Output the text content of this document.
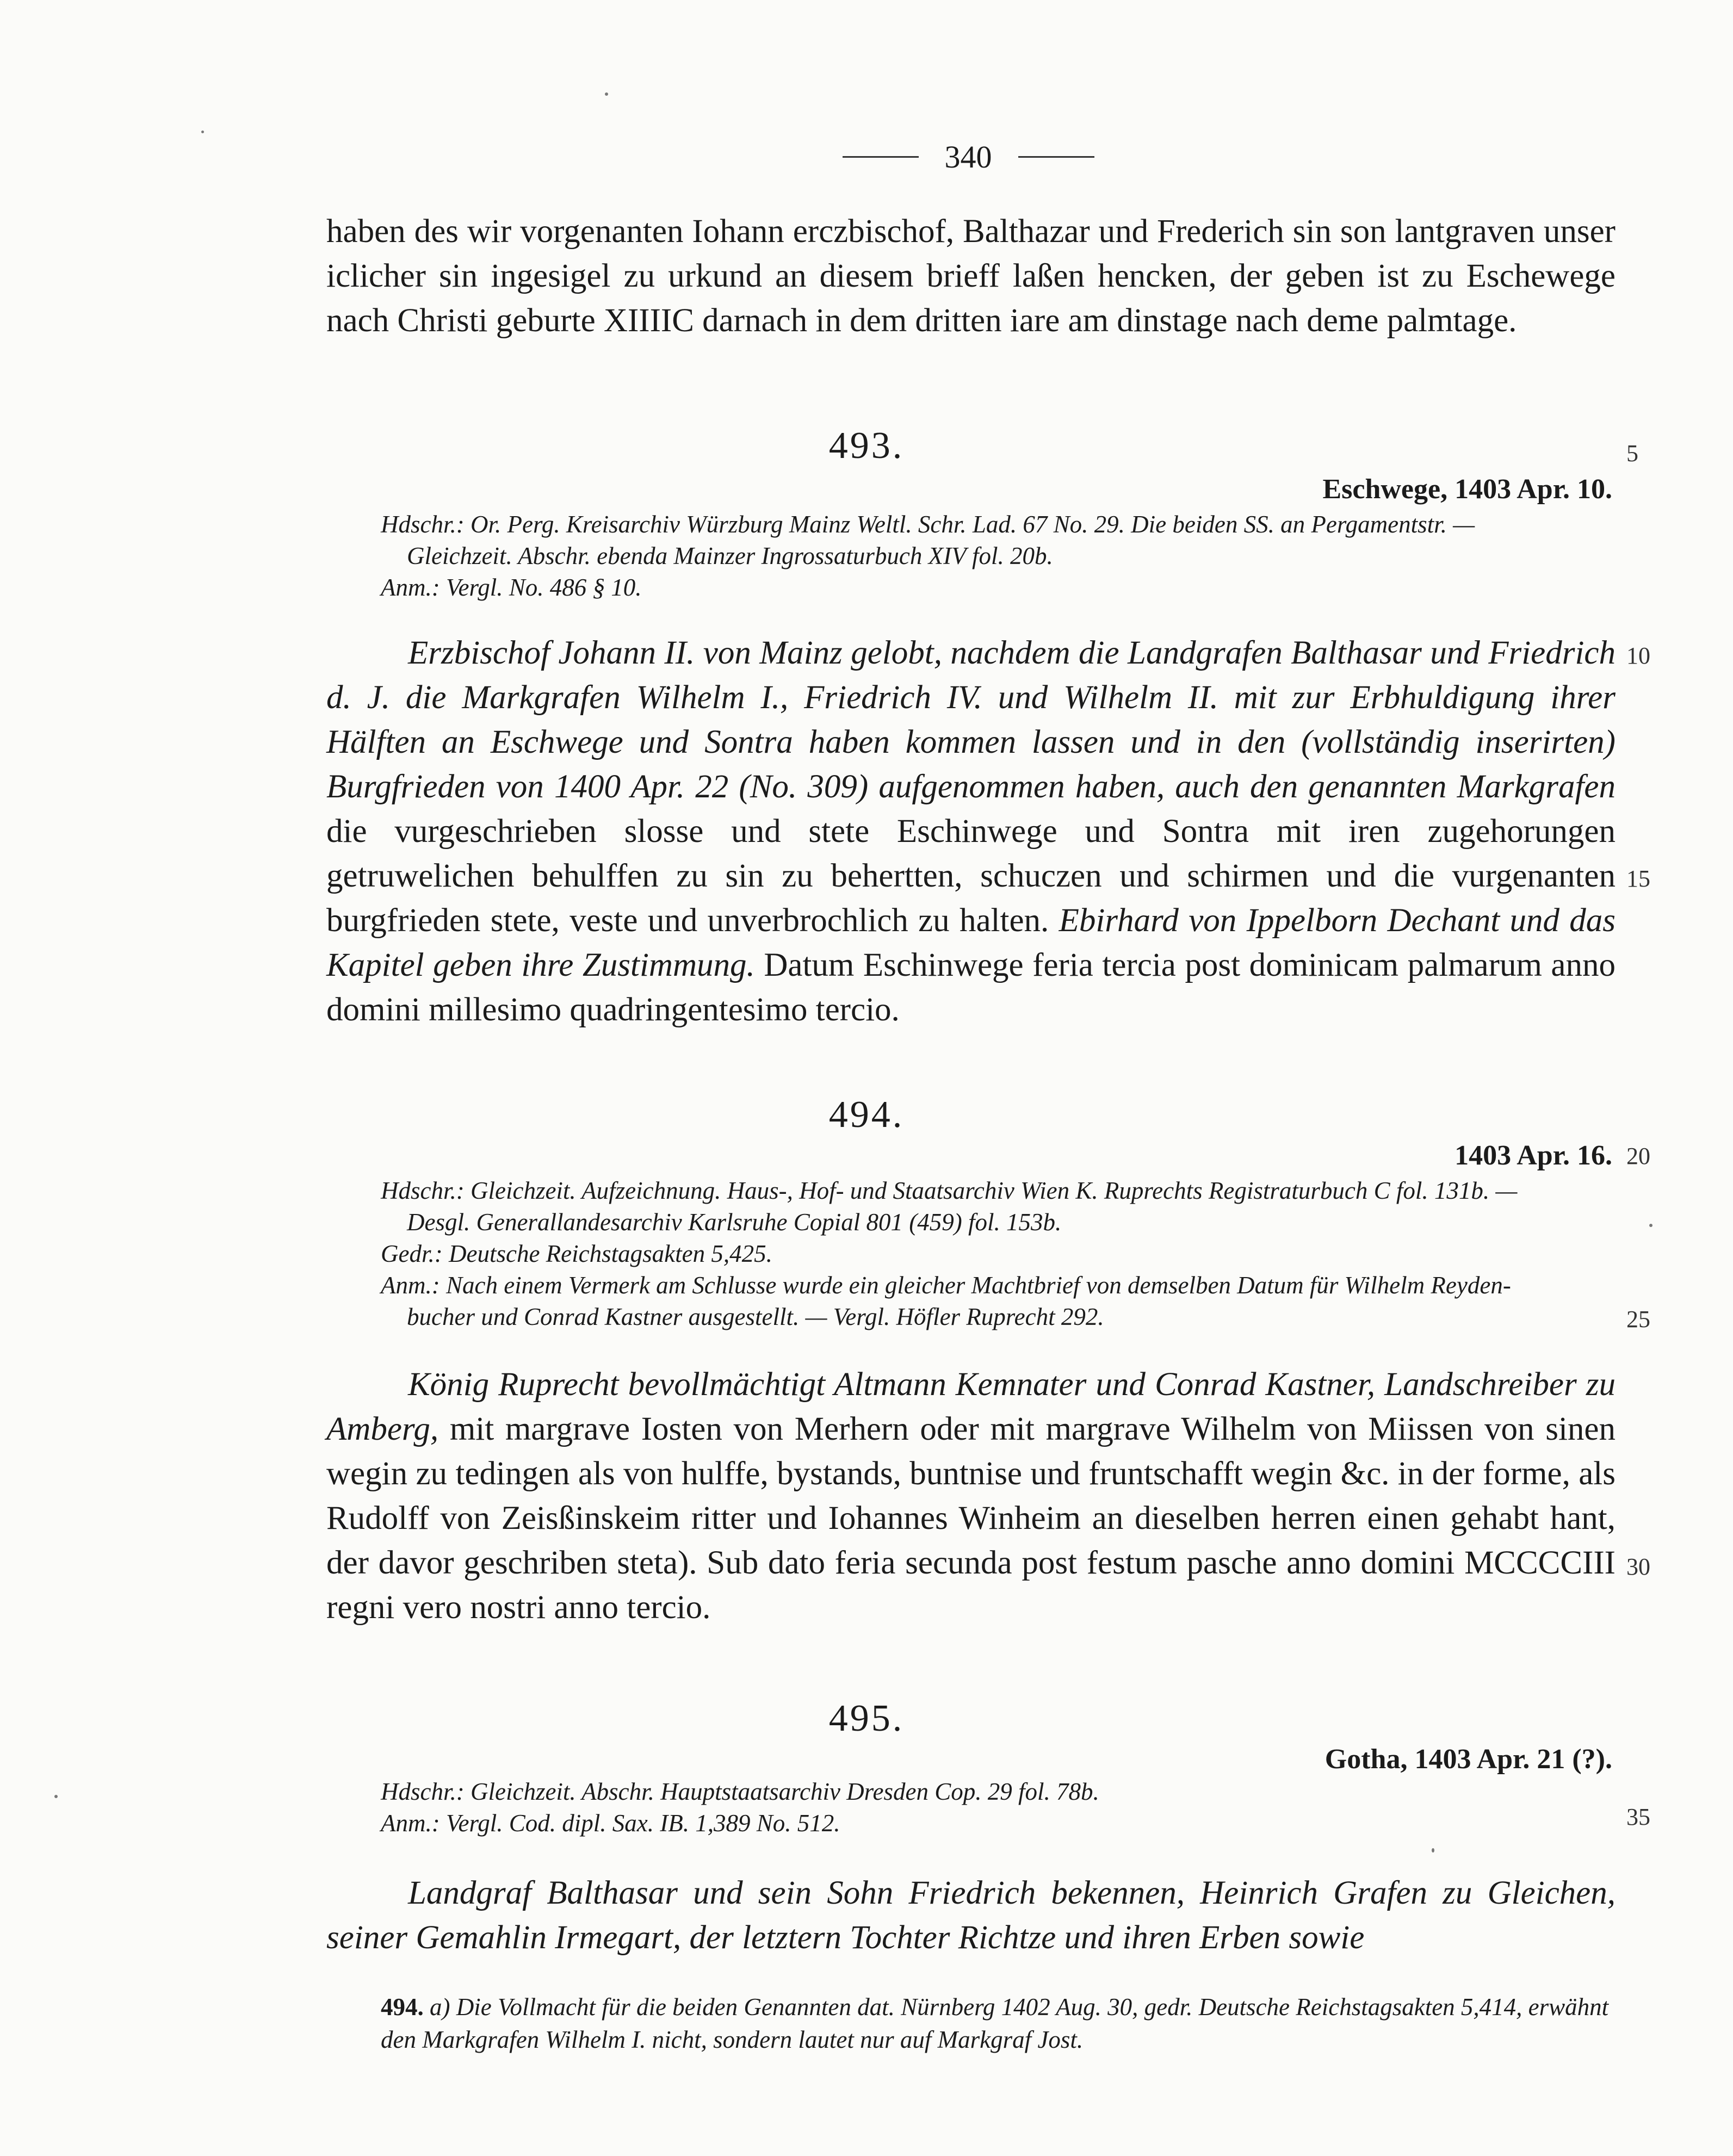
340
haben des wir vorgenanten Iohann erczbischof, Balthazar und Frederich sin son lantgraven unser iclicher sin ingesigel zu urkund an diesem brieff laßen hencken, der geben ist zu Eschewege nach Christi geburte XIIIIC darnach in dem dritten iare am dinstage nach deme palmtage.
493.
Eschwege, 1403 Apr. 10.
Hdschr.: Or. Perg. Kreisarchiv Würzburg Mainz Weltl. Schr. Lad. 67 No. 29. Die beiden SS. an Pergamentstr. —
Gleichzeit. Abschr. ebenda Mainzer Ingrossaturbuch XIV fol. 20b.
Anm.: Vergl. No. 486 § 10.
Erzbischof Johann II. von Mainz gelobt, nachdem die Landgrafen Balthasar und Friedrich d. J. die Markgrafen Wilhelm I., Friedrich IV. und Wilhelm II. mit zur Erbhuldigung ihrer Hälften an Eschwege und Sontra haben kommen lassen und in den (vollständig inserirten) Burgfrieden von 1400 Apr. 22 (No. 309) aufgenommen haben, auch den genannten Markgrafen die vurgeschrieben slosse und stete Eschinwege und Sontra mit iren zugehorungen getruwelichen behulffen zu sin zu behertten, schuczen und schirmen und die vurgenanten burgfrieden stete, veste und unverbrochlich zu halten. Ebirhard von Ippelborn Dechant und das Kapitel geben ihre Zustimmung. Datum Eschinwege feria tercia post dominicam palmarum anno domini millesimo quadringentesimo tercio.
494.
1403 Apr. 16.
Hdschr.: Gleichzeit. Aufzeichnung. Haus-, Hof- und Staatsarchiv Wien K. Ruprechts Registraturbuch C fol. 131b. —
Desgl. Generallandesarchiv Karlsruhe Copial 801 (459) fol. 153b.
Gedr.: Deutsche Reichstagsakten 5,425.
Anm.: Nach einem Vermerk am Schlusse wurde ein gleicher Machtbrief von demselben Datum für Wilhelm Reyden-
bucher und Conrad Kastner ausgestellt. — Vergl. Höfler Ruprecht 292.
König Ruprecht bevollmächtigt Altmann Kemnater und Conrad Kastner, Landschreiber zu Amberg, mit margrave Iosten von Merhern oder mit margrave Wilhelm von Miissen von sinen wegin zu tedingen als von hulffe, bystands, buntnise und fruntschafft wegin &c. in der forme, als Rudolff von Zeisßinskeim ritter und Iohannes Winheim an dieselben herren einen gehabt hant, der davor geschriben steta). Sub dato feria secunda post festum pasche anno domini MCCCCIII regni vero nostri anno tercio.
495.
Gotha, 1403 Apr. 21 (?).
Hdschr.: Gleichzeit. Abschr. Hauptstaatsarchiv Dresden Cop. 29 fol. 78b.
Anm.: Vergl. Cod. dipl. Sax. IB. 1,389 No. 512.
Landgraf Balthasar und sein Sohn Friedrich bekennen, Heinrich Grafen zu Gleichen, seiner Gemahlin Irmegart, der letztern Tochter Richtze und ihren Erben sowie
5
10
15
20
25
30
35
494. a) Die Vollmacht für die beiden Genannten dat. Nürnberg 1402 Aug. 30, gedr. Deutsche Reichstagsakten 5,414, erwähnt den Markgrafen Wilhelm I. nicht, sondern lautet nur auf Markgraf Jost.
